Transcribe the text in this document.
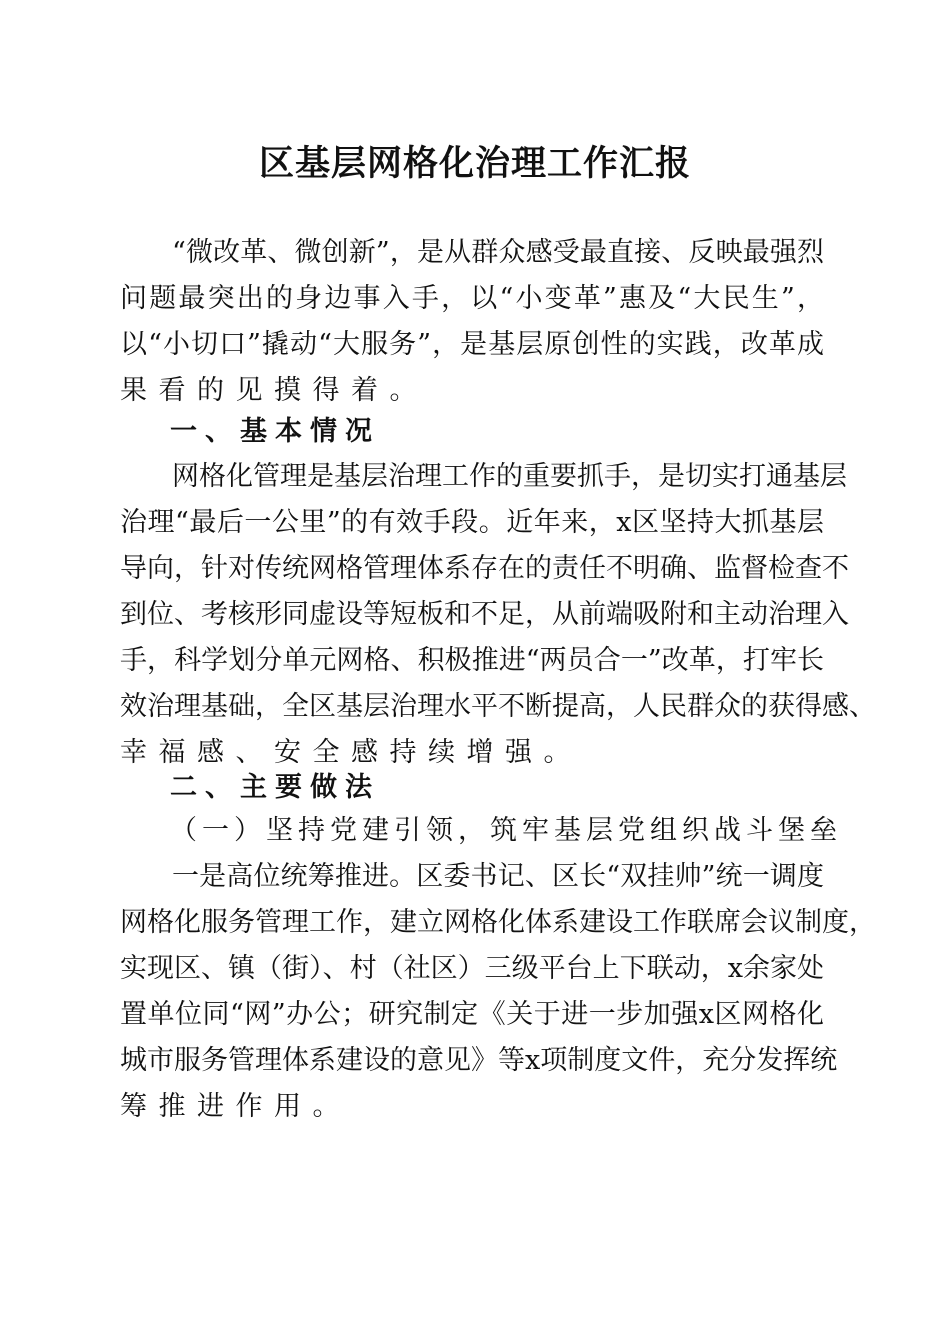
区基层网格化治理工作汇报
“微改革、微创新”，是从群众感受最直接、反映最强烈
问题最突出的身边事入手，以“小变革”惠及“大民生”，
以“小切口”撬动“大服务”，是基层原创性的实践，改革成
果看的见摸得着。
一、基本情况
网格化管理是基层治理工作的重要抓手，是切实打通基层
治理“最后一公里”的有效手段。近年来，x区坚持大抓基层
导向，针对传统网格管理体系存在的责任不明确、监督检查不
到位、考核形同虚设等短板和不足，从前端吸附和主动治理入
手，科学划分单元网格、积极推进“两员合一”改革，打牢长
效治理基础，全区基层治理水平不断提高，人民群众的获得感、
幸福感、安全感持续增强。
二、主要做法
（一）坚持党建引领，筑牢基层党组织战斗堡垒
一是高位统筹推进。区委书记、区长“双挂帅”统一调度
网格化服务管理工作，建立网格化体系建设工作联席会议制度，
实现区、镇（街）、村（社区）三级平台上下联动，x余家处
置单位同“网”办公；研究制定《关于进一步加强x区网格化
城市服务管理体系建设的意见》等x项制度文件，充分发挥统
筹推进作用。
